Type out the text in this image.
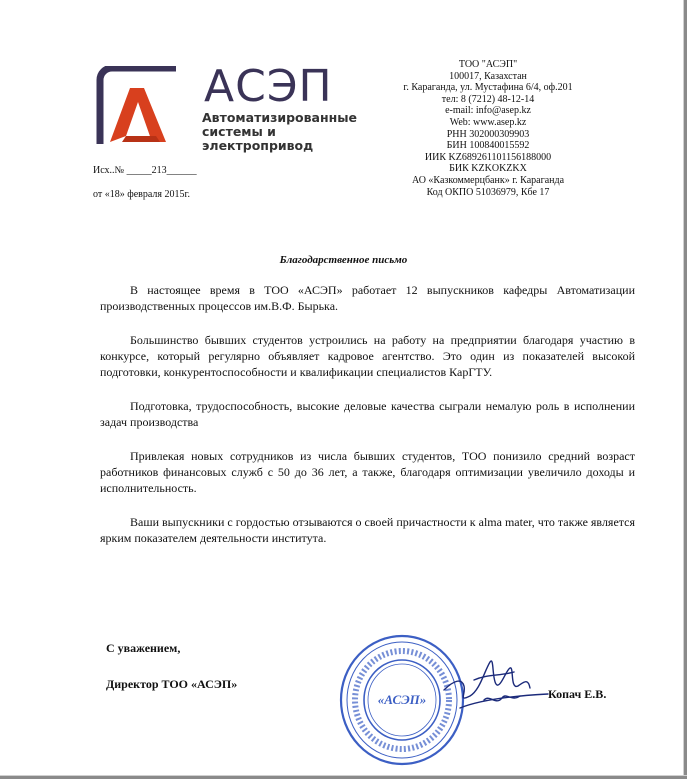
АСЭП
Автоматизированные
системы и электропривод
Исх..№ _____213______
от «18» февраля 2015г.
ТОО "АСЭП"
100017, Казахстан
г. Караганда, ул. Мустафина 6/4, оф.201
тел: 8 (7212) 48-12-14
e-mail: info@asep.kz
Web: www.asep.kz
РНН 302000309903
БИН 100840015592
ИИК KZ689261101156188000
БИК KZKOKZKX
АО «Казкоммерцбанк» г. Караганда
Код ОКПО 51036979, Кбе 17
Благодарственное письмо

В настоящее время в ТОО «АСЭП» работает 12 выпускников кафедры Автоматизации производственных процессов им.В.Ф. Бырька.

Большинство бывших студентов устроились на работу на предприятии благодаря участию в конкурсе, который регулярно объявляет кадровое агентство. Это один из показателей высокой подготовки, конкурентоспособности и квалификации специалистов КарГТУ.

Подготовка, трудоспособность, высокие деловые качества сыграли немалую роль в исполнении задач производства

Привлекая новых сотрудников из числа бывших студентов, ТОО понизило средний возраст работников финансовых служб с 50 до 36 лет, а также, благодаря оптимизации увеличило доходы и исполнительность.

Ваши выпускники с гордостью отзываются о своей причастности к alma mater, что также является ярким показателем деятельности института.

С уважением,
Директор ТОО «АСЭП»
«АСЭП»	Копач Е.В.
